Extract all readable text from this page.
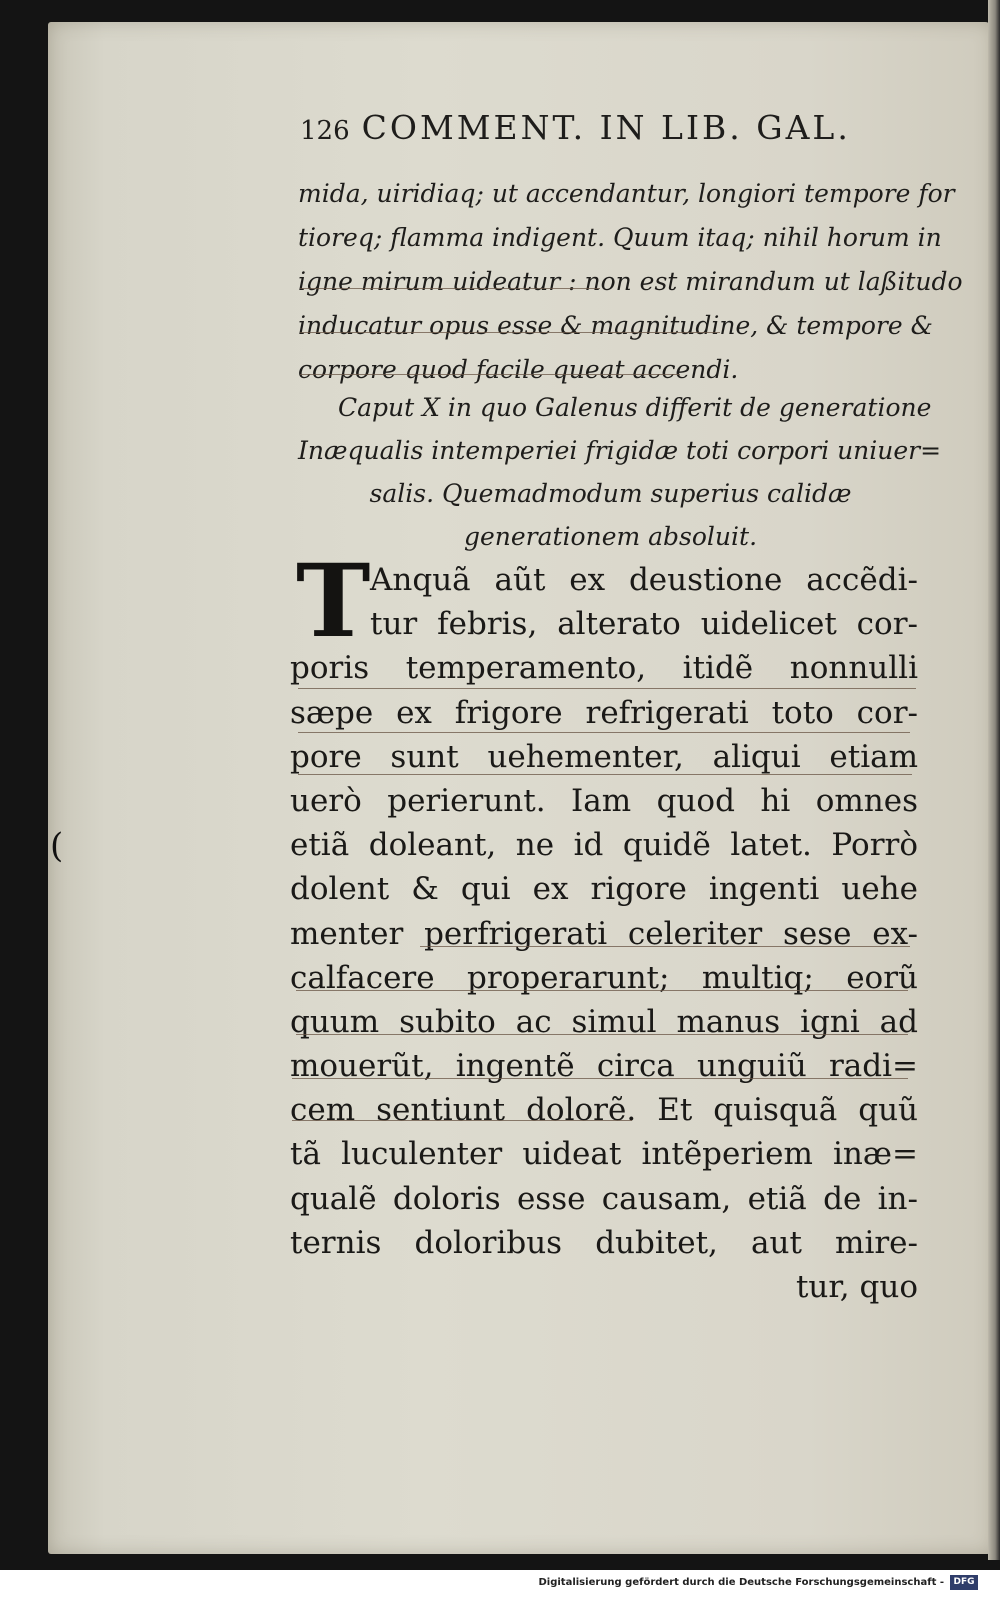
126 COMMENT. IN LIB. GAL.
mida, uiridiaq; ut accendantur, longiori tempore for
tioreq; flamma indigent. Quum itaq; nihil horum in
igne mirum uideatur : non est mirandum ut laßitudo
inducatur opus esse & magnitudine, & tempore &
corpore quod facile queat accendi.
Caput X in quo Galenus differit de generatione
Inæqualis intemperiei frigidæ toti corpori uniuer=
salis. Quemadmodum superius calidæ
generationem absoluit.
T Anquã aũt ex deustione accẽdi-
tur febris, alterato uidelicet cor-
poris temperamento, itidẽ nonnulli
sæpe ex frigore refrigerati toto cor-
pore sunt uehementer, aliqui etiam
uerò perierunt. Iam quod hi omnes
etiã doleant, ne id quidẽ latet. Porrò
dolent & qui ex rigore ingenti uehe
menter perfrigerati celeriter sese ex-
calfacere properarunt; multiq; eorũ
quum subito ac simul manus igni ad
mouerũt, ingentẽ circa unguiũ radi=
cem sentiunt dolorẽ. Et quisquã quũ
tã luculenter uideat intẽperiem inæ=
qualẽ doloris esse causam, etiã de in-
ternis doloribus dubitet, aut mire-
tur, quo
(
Digitalisierung gefördert durch die Deutsche Forschungsgemeinschaft -	DFG
